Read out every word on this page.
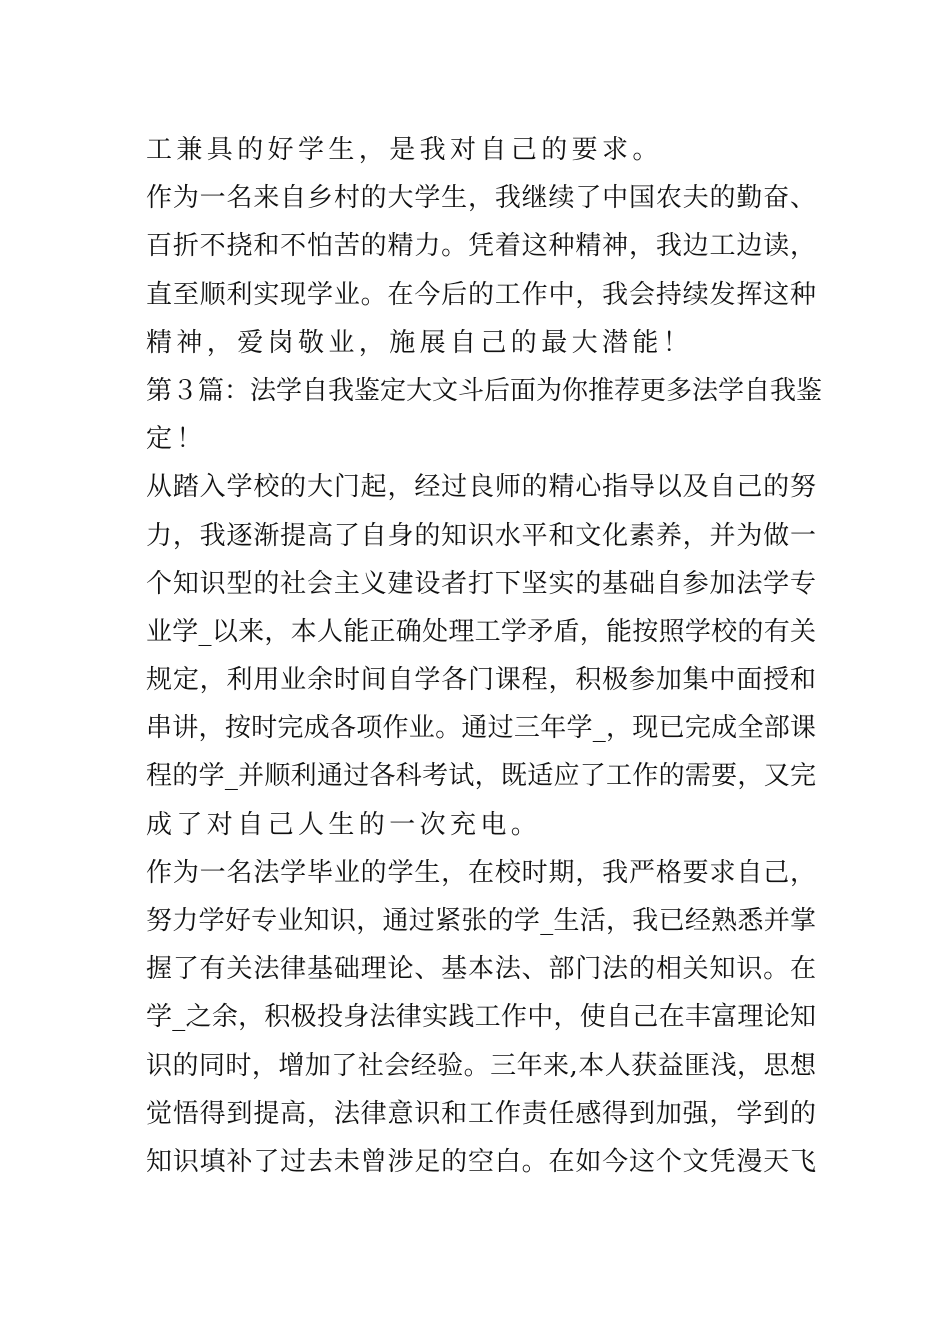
工兼具的好学生，是我对自己的要求。
作为一名来自乡村的大学生，我继续了中国农夫的勤奋、
百折不挠和不怕苦的精力。凭着这种精神，我边工边读，
直至顺利实现学业。在今后的工作中，我会持续发挥这种
精神，爱岗敬业，施展自己的最大潜能！
第３篇：法学自我鉴定大文斗后面为你推荐更多法学自我鉴
定！
从踏入学校的大门起，经过良师的精心指导以及自己的努
力，我逐渐提高了自身的知识水平和文化素养，并为做一
个知识型的社会主义建设者打下坚实的基础自参加法学专
业学_以来，本人能正确处理工学矛盾，能按照学校的有关
规定，利用业余时间自学各门课程，积极参加集中面授和
串讲，按时完成各项作业。通过三年学_，现已完成全部课
程的学_并顺利通过各科考试，既适应了工作的需要，又完
成了对自己人生的一次充电。
作为一名法学毕业的学生，在校时期，我严格要求自己，
努力学好专业知识，通过紧张的学_生活，我已经熟悉并掌
握了有关法律基础理论、基本法、部门法的相关知识。在
学_之余，积极投身法律实践工作中，使自己在丰富理论知
识的同时，增加了社会经验。三年来,本人获益匪浅，思想
觉悟得到提高，法律意识和工作责任感得到加强，学到的
知识填补了过去未曾涉足的空白。在如今这个文凭漫天飞
